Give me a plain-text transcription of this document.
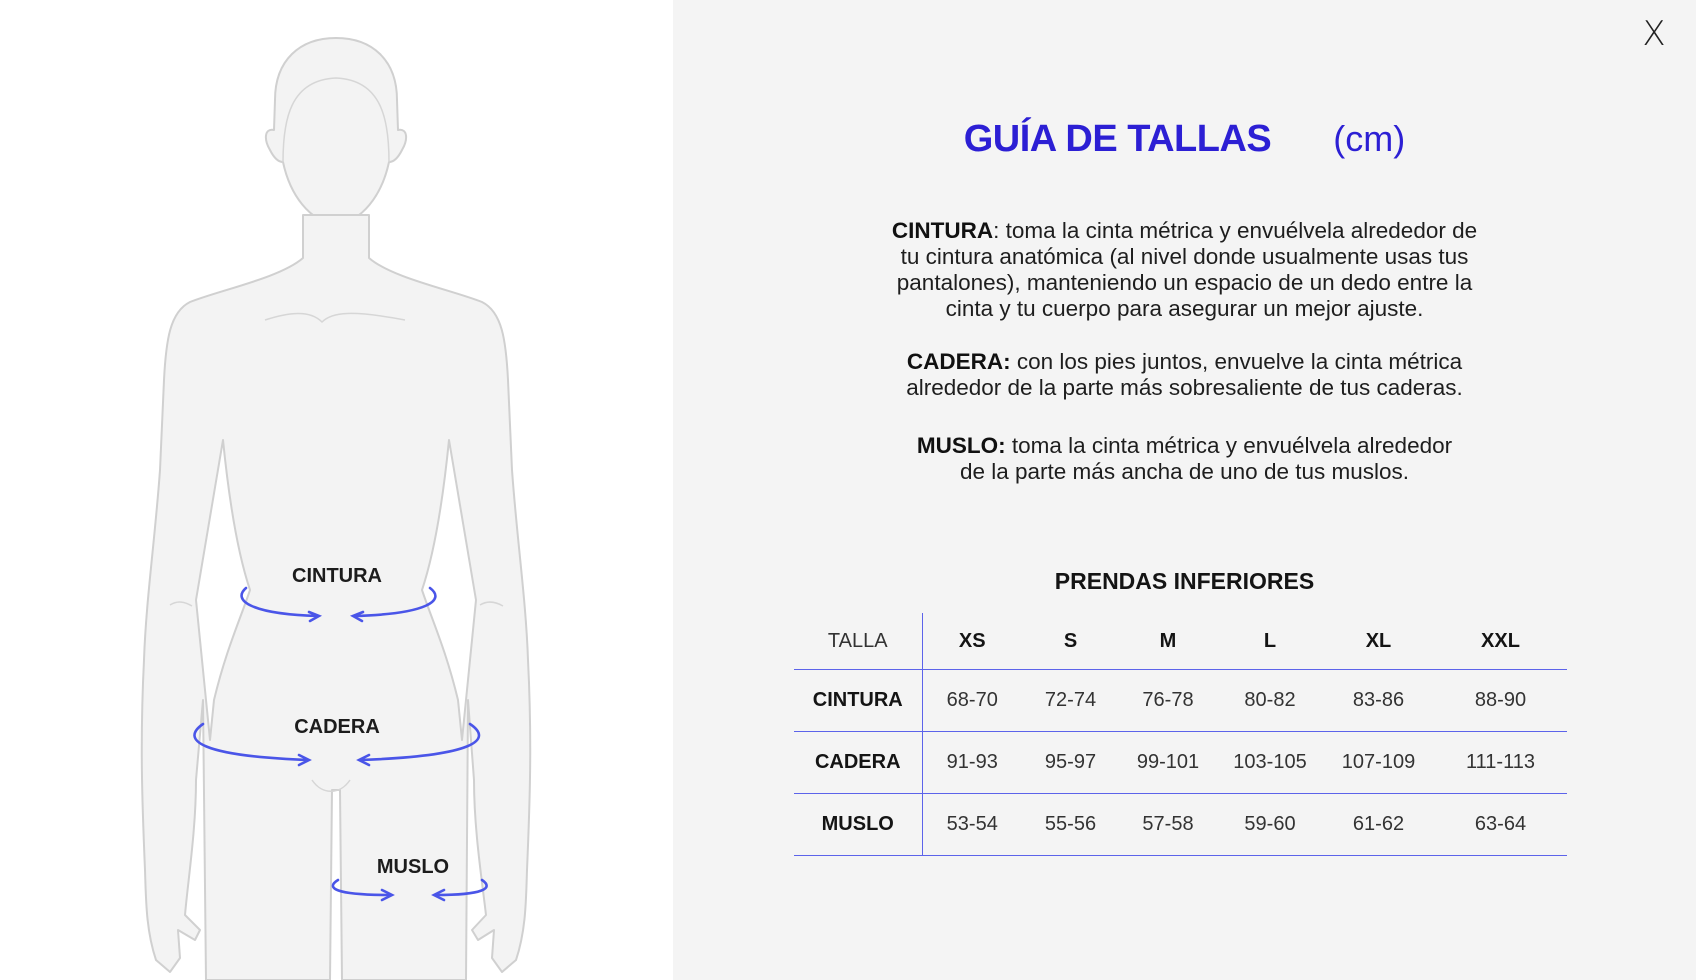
CINTURA
CADERA
MUSLO
X
GUÍA DE TALLAS (cm)
CINTURA: toma la cinta métrica y envuélvela alrededor de
tu cintura anatómica (al nivel donde usualmente usas tus
pantalones), manteniendo un espacio de un dedo entre la
cinta y tu cuerpo para asegurar un mejor ajuste.
CADERA: con los pies juntos, envuelve la cinta métrica
alrededor de la parte más sobresaliente de tus caderas.
MUSLO: toma la cinta métrica y envuélvela alrededor
de la parte más ancha de uno de tus muslos.
PRENDAS INFERIORES
TALLA	XS	S	M	L	XL	XXL
CINTURA	68-70	72-74	76-78	80-82	83-86	88-90
CADERA	91-93	95-97	99-101	103-105	107-109	111-113
MUSLO	53-54	55-56	57-58	59-60	61-62	63-64
